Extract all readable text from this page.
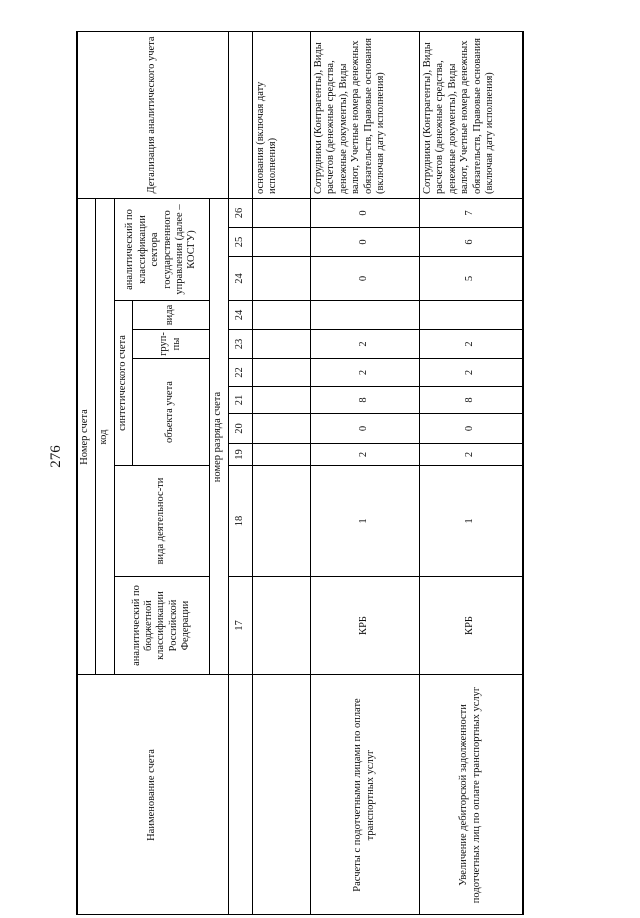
276
Наименование счета
Номер счета код
аналитический по бюджетной классификации Российской Федерации
вида деятельнос-ти
синтетического счета	объекта учета
груп-пы
вида
аналитический по классификации сектора государственного управления (далее – КОСГУ)
номер разряда счета
Детализация аналитического учета
17
18
19
20
21
22
23
24
24
25
26
основания (включая дату исполнения)
Расчеты с подотчетными лицами по оплате транспортных услуг
КРБ
1
2
0
8
2
2
0
0
0
Сотрудники (Контрагенты), Виды расчетов (денежные средства, денежные документы), Виды валют, Учетные номера денежных обязательств, Правовые основания (включая дату исполнения)
Увеличение дебиторской задолженности подотчетных лиц по оплате транспортных услуг
КРБ
1
2
0
8
2
2
5
6
7
Сотрудники (Контрагенты), Виды расчетов (денежные средства, денежные документы), Виды валют, Учетные номера денежных обязательств, Правовые основания (включая дату исполнения)
